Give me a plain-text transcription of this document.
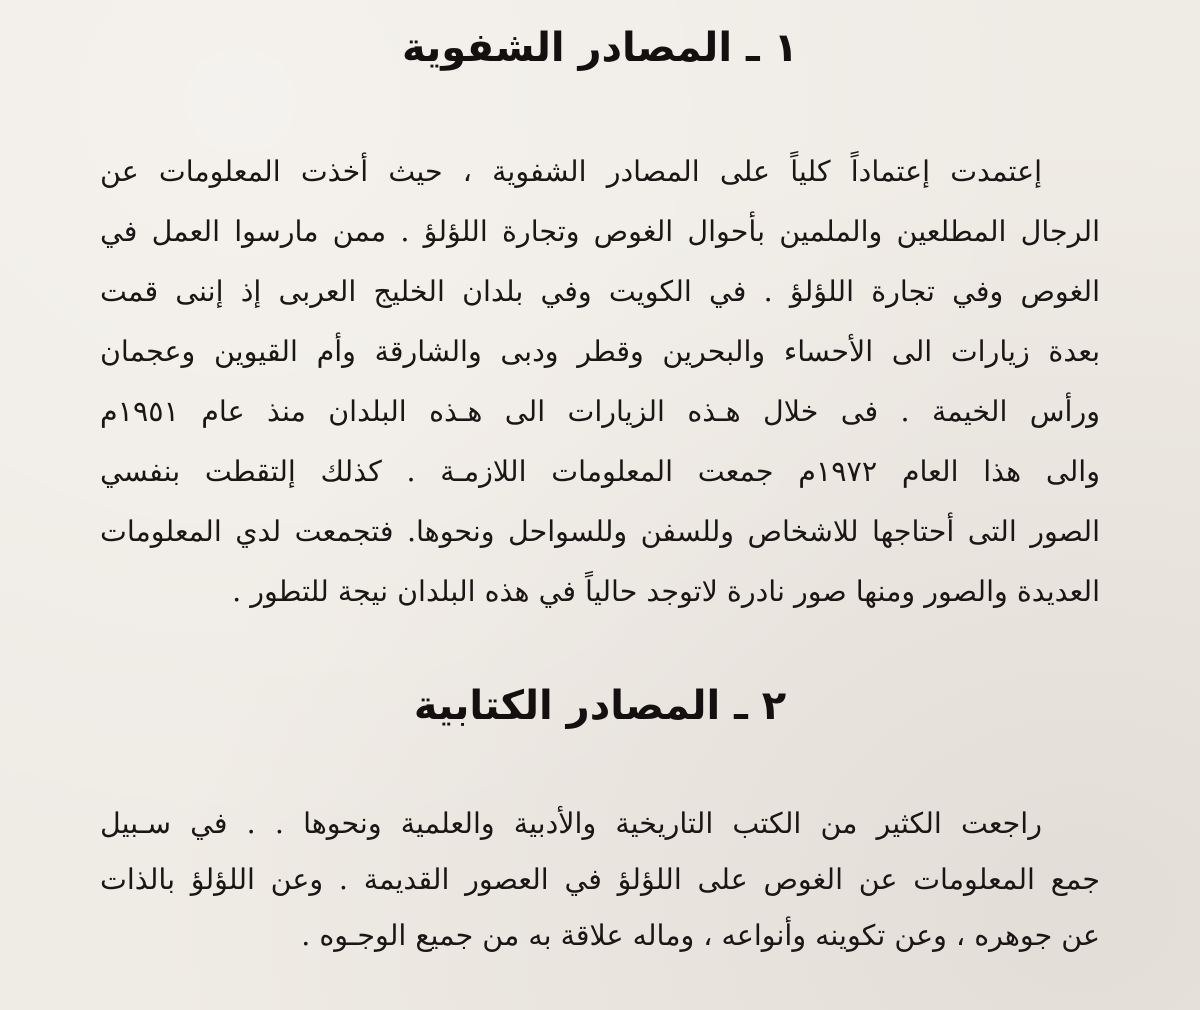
١ ـ المصادر الشفوية
إعتمدت إعتماداً كلياً على المصادر الشفوية ، حيث أخذت المعلومات عن
الرجال المطلعين والملمين بأحوال الغوص وتجارة اللؤلؤ . ممن مارسوا العمل في
الغوص وفي تجارة اللؤلؤ . في الكويت وفي بلدان الخليج العربى إذ إننى قمت
بعدة زيارات الى الأحساء والبحرين وقطر ودبى والشارقة وأم القيوين وعجمان
ورأس الخيمة . فى خلال هـذه الزيارات الى هـذه البلدان منذ عام ١٩٥١م
والى هذا العام ١٩٧٢م جمعت المعلومات اللازمـة . كذلك إلتقطت بنفسي
الصور التى أحتاجها للاشخاص وللسفن وللسواحل ونحوها. فتجمعت لدي المعلومات
العديدة والصور ومنها صور نادرة لاتوجد حالياً في هذه البلدان نيجة للتطور .
٢ ـ المصادر الكتابية
راجعت الكثير من الكتب التاريخية والأدبية والعلمية ونحوها . . في سـبيل
جمع المعلومات عن الغوص على اللؤلؤ في العصور القديمة . وعن اللؤلؤ بالذات
عن جوهره ، وعن تكوينه وأنواعه ، وماله علاقة به من جميع الوجـوه .
